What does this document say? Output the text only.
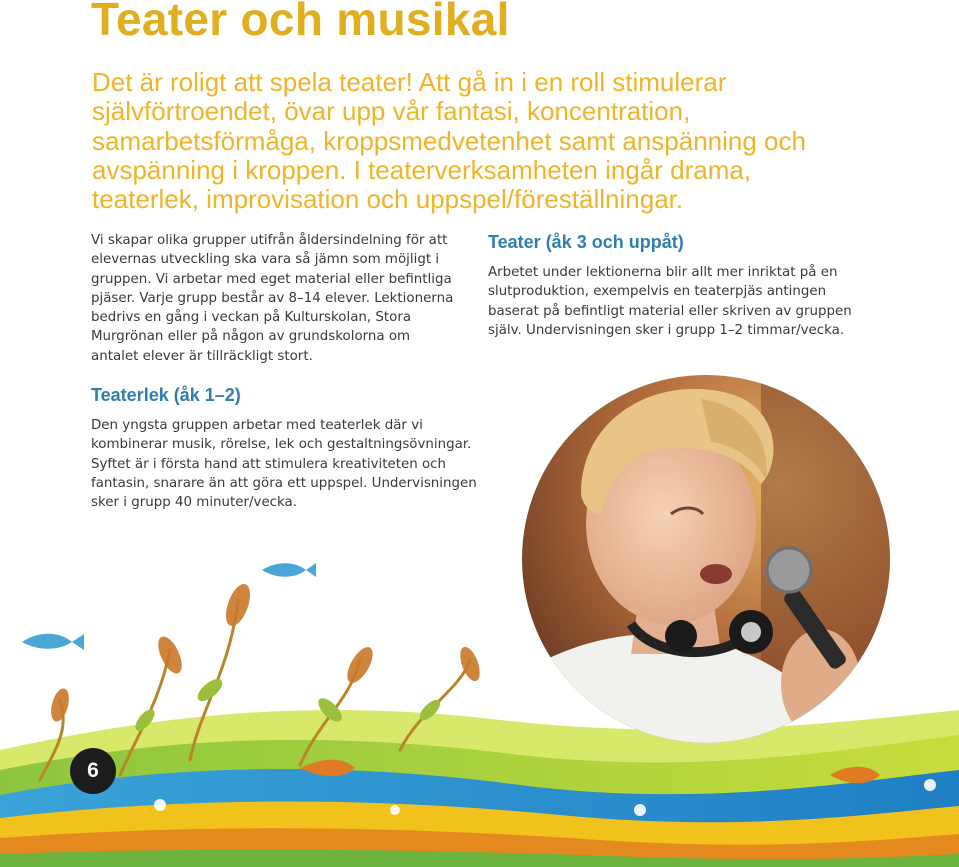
Teater och musikal

Det är roligt att spela teater! Att gå in i en roll stimulerar självförtroendet, övar upp vår fantasi, koncentration, samarbetsförmåga, kroppsmedvetenhet samt anspänning och avspänning i kroppen. I teaterverksamheten ingår drama, teaterlek, improvisation och uppspel/föreställningar.

Vi skapar olika grupper utifrån åldersindelning för att elevernas utveckling ska vara så jämn som möjligt i gruppen. Vi arbetar med eget material eller befintliga pjäser. Varje grupp består av 8–14 elever. Lektionerna bedrivs en gång i veckan på Kulturskolan, Stora Murgrönan eller på någon av grundskolorna om antalet elever är tillräckligt stort.

Teaterlek (åk 1–2)

Den yngsta gruppen arbetar med teaterlek där vi kombinerar musik, rörelse, lek och gestaltningsövningar. Syftet är i första hand att stimulera kreativiteten och fantasin, snarare än att göra ett uppspel. Undervisningen sker i grupp 40 minuter/vecka.

Teater (åk 3 och uppåt)

Arbetet under lektionerna blir allt mer inriktat på en slutproduktion, exempelvis en teaterpjäs antingen baserat på befintligt material eller skriven av gruppen själv. Undervisningen sker i grupp 1–2 timmar/vecka.

6
